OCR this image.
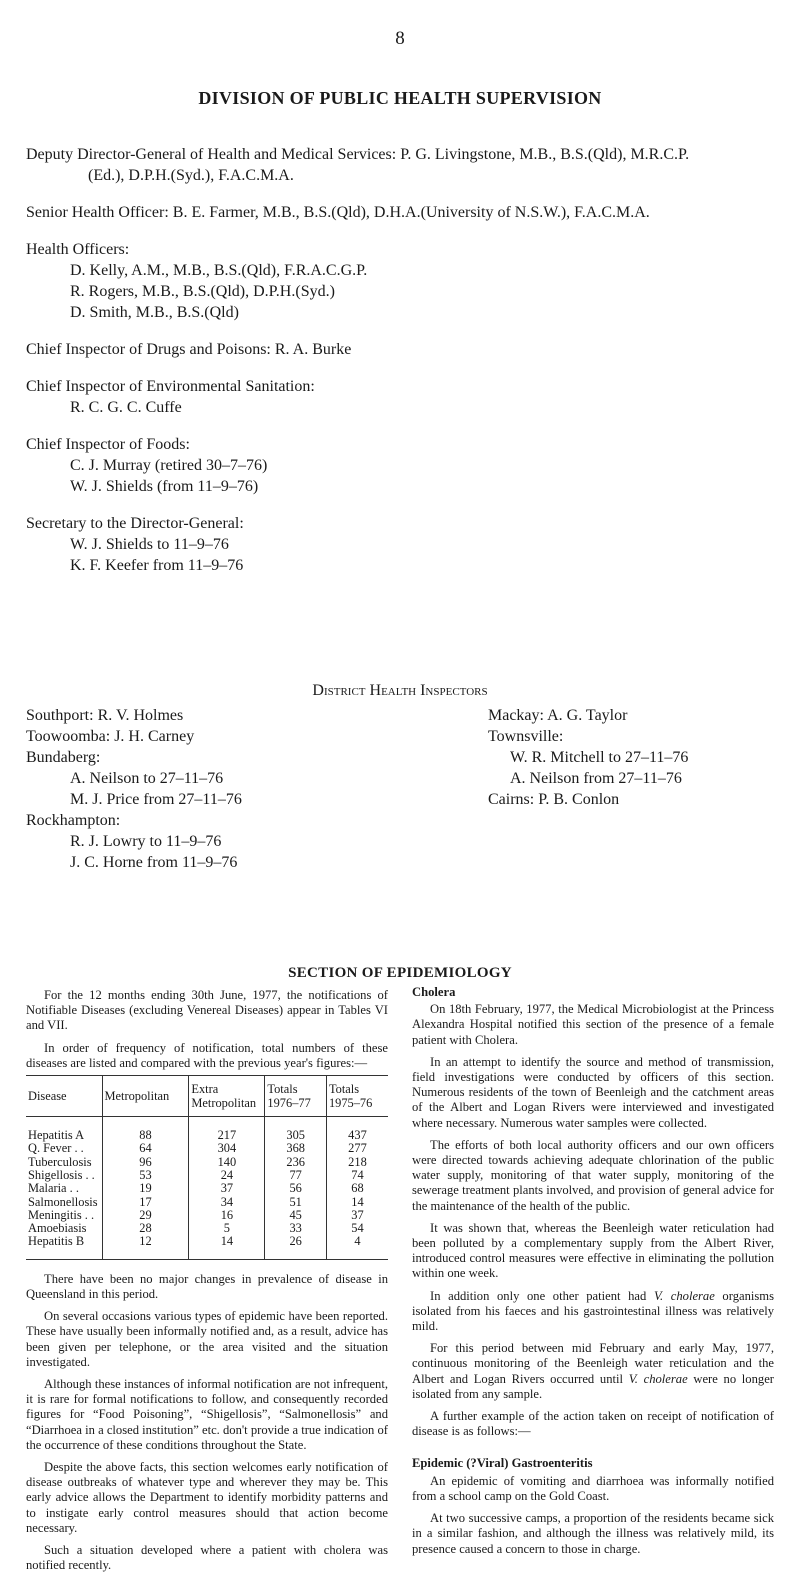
8
DIVISION OF PUBLIC HEALTH SUPERVISION
Deputy Director-General of Health and Medical Services: P. G. Livingstone, M.B., B.S.(Qld), M.R.C.P.
(Ed.), D.P.H.(Syd.), F.A.C.M.A.
Senior Health Officer: B. E. Farmer, M.B., B.S.(Qld), D.H.A.(University of N.S.W.), F.A.C.M.A.
Health Officers:
D. Kelly, A.M., M.B., B.S.(Qld), F.R.A.C.G.P.
R. Rogers, M.B., B.S.(Qld), D.P.H.(Syd.)
D. Smith, M.B., B.S.(Qld)
Chief Inspector of Drugs and Poisons: R. A. Burke
Chief Inspector of Environmental Sanitation:
R. C. G. C. Cuffe
Chief Inspector of Foods:
C. J. Murray (retired 30–7–76)
W. J. Shields (from 11–9–76)
Secretary to the Director-General:
W. J. Shields to 11–9–76
K. F. Keefer from 11–9–76
District Health Inspectors
Southport: R. V. Holmes
Toowoomba: J. H. Carney
Bundaberg:
A. Neilson to 27–11–76
M. J. Price from 27–11–76
Rockhampton:
R. J. Lowry to 11–9–76
J. C. Horne from 11–9–76
Mackay: A. G. Taylor
Townsville:
W. R. Mitchell to 27–11–76
A. Neilson from 27–11–76
Cairns: P. B. Conlon
SECTION OF EPIDEMIOLOGY

For the 12 months ending 30th June, 1977, the notifications of Notifiable Diseases (excluding Venereal Diseases) appear in Tables VI and VII.

In order of frequency of notification, total numbers of these diseases are listed and compared with the previous year's figures:—

Disease	Metropolitan	Extra Metropolitan	Totals 1976–77	Totals 1975–76
Hepatitis A	88	217	305	437
Q. Fever . .	64	304	368	277
Tuberculosis	96	140	236	218
Shigellosis . .	53	24	77	74
Malaria . .	19	37	56	68
Salmonellosis	17	34	51	14
Meningitis . .	29	16	45	37
Amoebiasis	28	5	33	54
Hepatitis B	12	14	26	4

There have been no major changes in prevalence of disease in Queensland in this period.

On several occasions various types of epidemic have been reported. These have usually been informally notified and, as a result, advice has been given per telephone, or the area visited and the situation investigated.

Although these instances of informal notification are not infrequent, it is rare for formal notifications to follow, and consequently recorded figures for “Food Poisoning”, “Shigellosis”, “Salmonellosis” and “Diarrhoea in a closed institution” etc. don't provide a true indication of the occurrence of these conditions throughout the State.

Despite the above facts, this section welcomes early notification of disease outbreaks of whatever type and wherever they may be. This early advice allows the Department to identify morbidity patterns and to instigate early control measures should that action become necessary.

Such a situation developed where a patient with cholera was notified recently.

Cholera

On 18th February, 1977, the Medical Microbiologist at the Princess Alexandra Hospital notified this section of the presence of a female patient with Cholera.

In an attempt to identify the source and method of transmission, field investigations were conducted by officers of this section. Numerous residents of the town of Beenleigh and the catchment areas of the Albert and Logan Rivers were interviewed and investigated where necessary. Numerous water samples were collected.

The efforts of both local authority officers and our own officers were directed towards achieving adequate chlorination of the public water supply, monitoring of that water supply, monitoring of the sewerage treatment plants involved, and provision of general advice for the maintenance of the health of the public.

It was shown that, whereas the Beenleigh water reticulation had been polluted by a complementary supply from the Albert River, introduced control measures were effective in eliminating the pollution within one week.

In addition only one other patient had V. cholerae organisms isolated from his faeces and his gastrointestinal illness was relatively mild.

For this period between mid February and early May, 1977, continuous monitoring of the Beenleigh water reticulation and the Albert and Logan Rivers occurred until V. cholerae were no longer isolated from any sample.

A further example of the action taken on receipt of notification of disease is as follows:—

Epidemic (?Viral) Gastroenteritis

An epidemic of vomiting and diarrhoea was informally notified from a school camp on the Gold Coast.

At two successive camps, a proportion of the residents became sick in a similar fashion, and although the illness was relatively mild, its presence caused a concern to those in charge.
